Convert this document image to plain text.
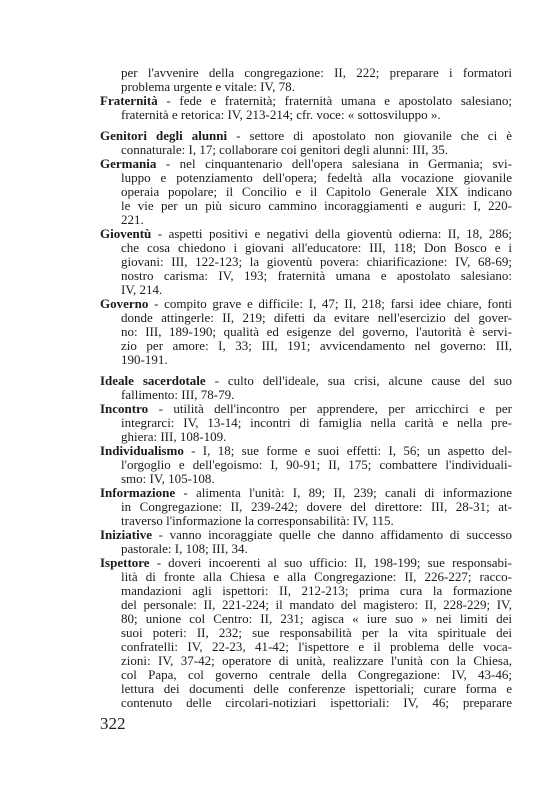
per l'avvenire della congregazione: II, 222; preparare i formatori
problema urgente e vitale: IV, 78.
Fraternità - fede e fraternità; fraternità umana e apostolato salesiano;
fraternità e retorica: IV, 213-214; cfr. voce: « sottosviluppo ».
Genitori degli alunni - settore di apostolato non giovanile che ci è
connaturale: I, 17; collaborare coi genitori degli alunni: III, 35.
Germania - nel cinquantenario dell'opera salesiana in Germania; svi-
luppo e potenziamento dell'opera; fedeltà alla vocazione giovanile
operaia popolare; il Concilio e il Capitolo Generale XIX indicano
le vie per un più sicuro cammino incoraggiamenti e auguri: I, 220-
221.
Gioventù - aspetti positivi e negativi della gioventù odierna: II, 18, 286;
che cosa chiedono i giovani all'educatore: III, 118; Don Bosco e i
giovani: III, 122-123; la gioventù povera: chiarificazione: IV, 68-69;
nostro carisma: IV, 193; fraternità umana e apostolato salesiano:
IV, 214.
Governo - compito grave e difficile: I, 47; II, 218; farsi idee chiare, fonti
donde attingerle: II, 219; difetti da evitare nell'esercizio del gover-
no: III, 189-190; qualità ed esigenze del governo, l'autorità è servi-
zio per amore: I, 33; III, 191; avvicendamento nel governo: III,
190-191.
Ideale sacerdotale - culto dell'ideale, sua crisi, alcune cause del suo
fallimento: III, 78-79.
Incontro - utilità dell'incontro per apprendere, per arricchirci e per
integrarci: IV, 13-14; incontri di famiglia nella carità e nella pre-
ghiera: III, 108-109.
Individualismo - I, 18; sue forme e suoi effetti: I, 56; un aspetto del-
l'orgoglio e dell'egoismo: I, 90-91; II, 175; combattere l'individuali-
smo: IV, 105-108.
Informazione - alimenta l'unità: I, 89; II, 239; canali di informazione
in Congregazione: II, 239-242; dovere del direttore: III, 28-31; at-
traverso l'informazione la corresponsabilità: IV, 115.
Iniziative - vanno incoraggiate quelle che danno affidamento di successo
pastorale: I, 108; III, 34.
Ispettore - doveri incoerenti al suo ufficio: II, 198-199; sue responsabi-
lità di fronte alla Chiesa e alla Congregazione: II, 226-227; racco-
mandazioni agli ispettori: II, 212-213; prima cura la formazione
del personale: II, 221-224; il mandato del magistero: II, 228-229; IV,
80; unione col Centro: II, 231; agisca « iure suo » nei limiti dei
suoi poteri: II, 232; sue responsabilità per la vita spirituale dei
confratelli: IV, 22-23, 41-42; l'ispettore e il problema delle voca-
zioni: IV, 37-42; operatore di unità, realizzare l'unità con la Chiesa,
col Papa, col governo centrale della Congregazione: IV, 43-46;
lettura dei documenti delle conferenze ispettoriali; curare forma e
contenuto delle circolari-notiziari ispettoriali: IV, 46; preparare
322
